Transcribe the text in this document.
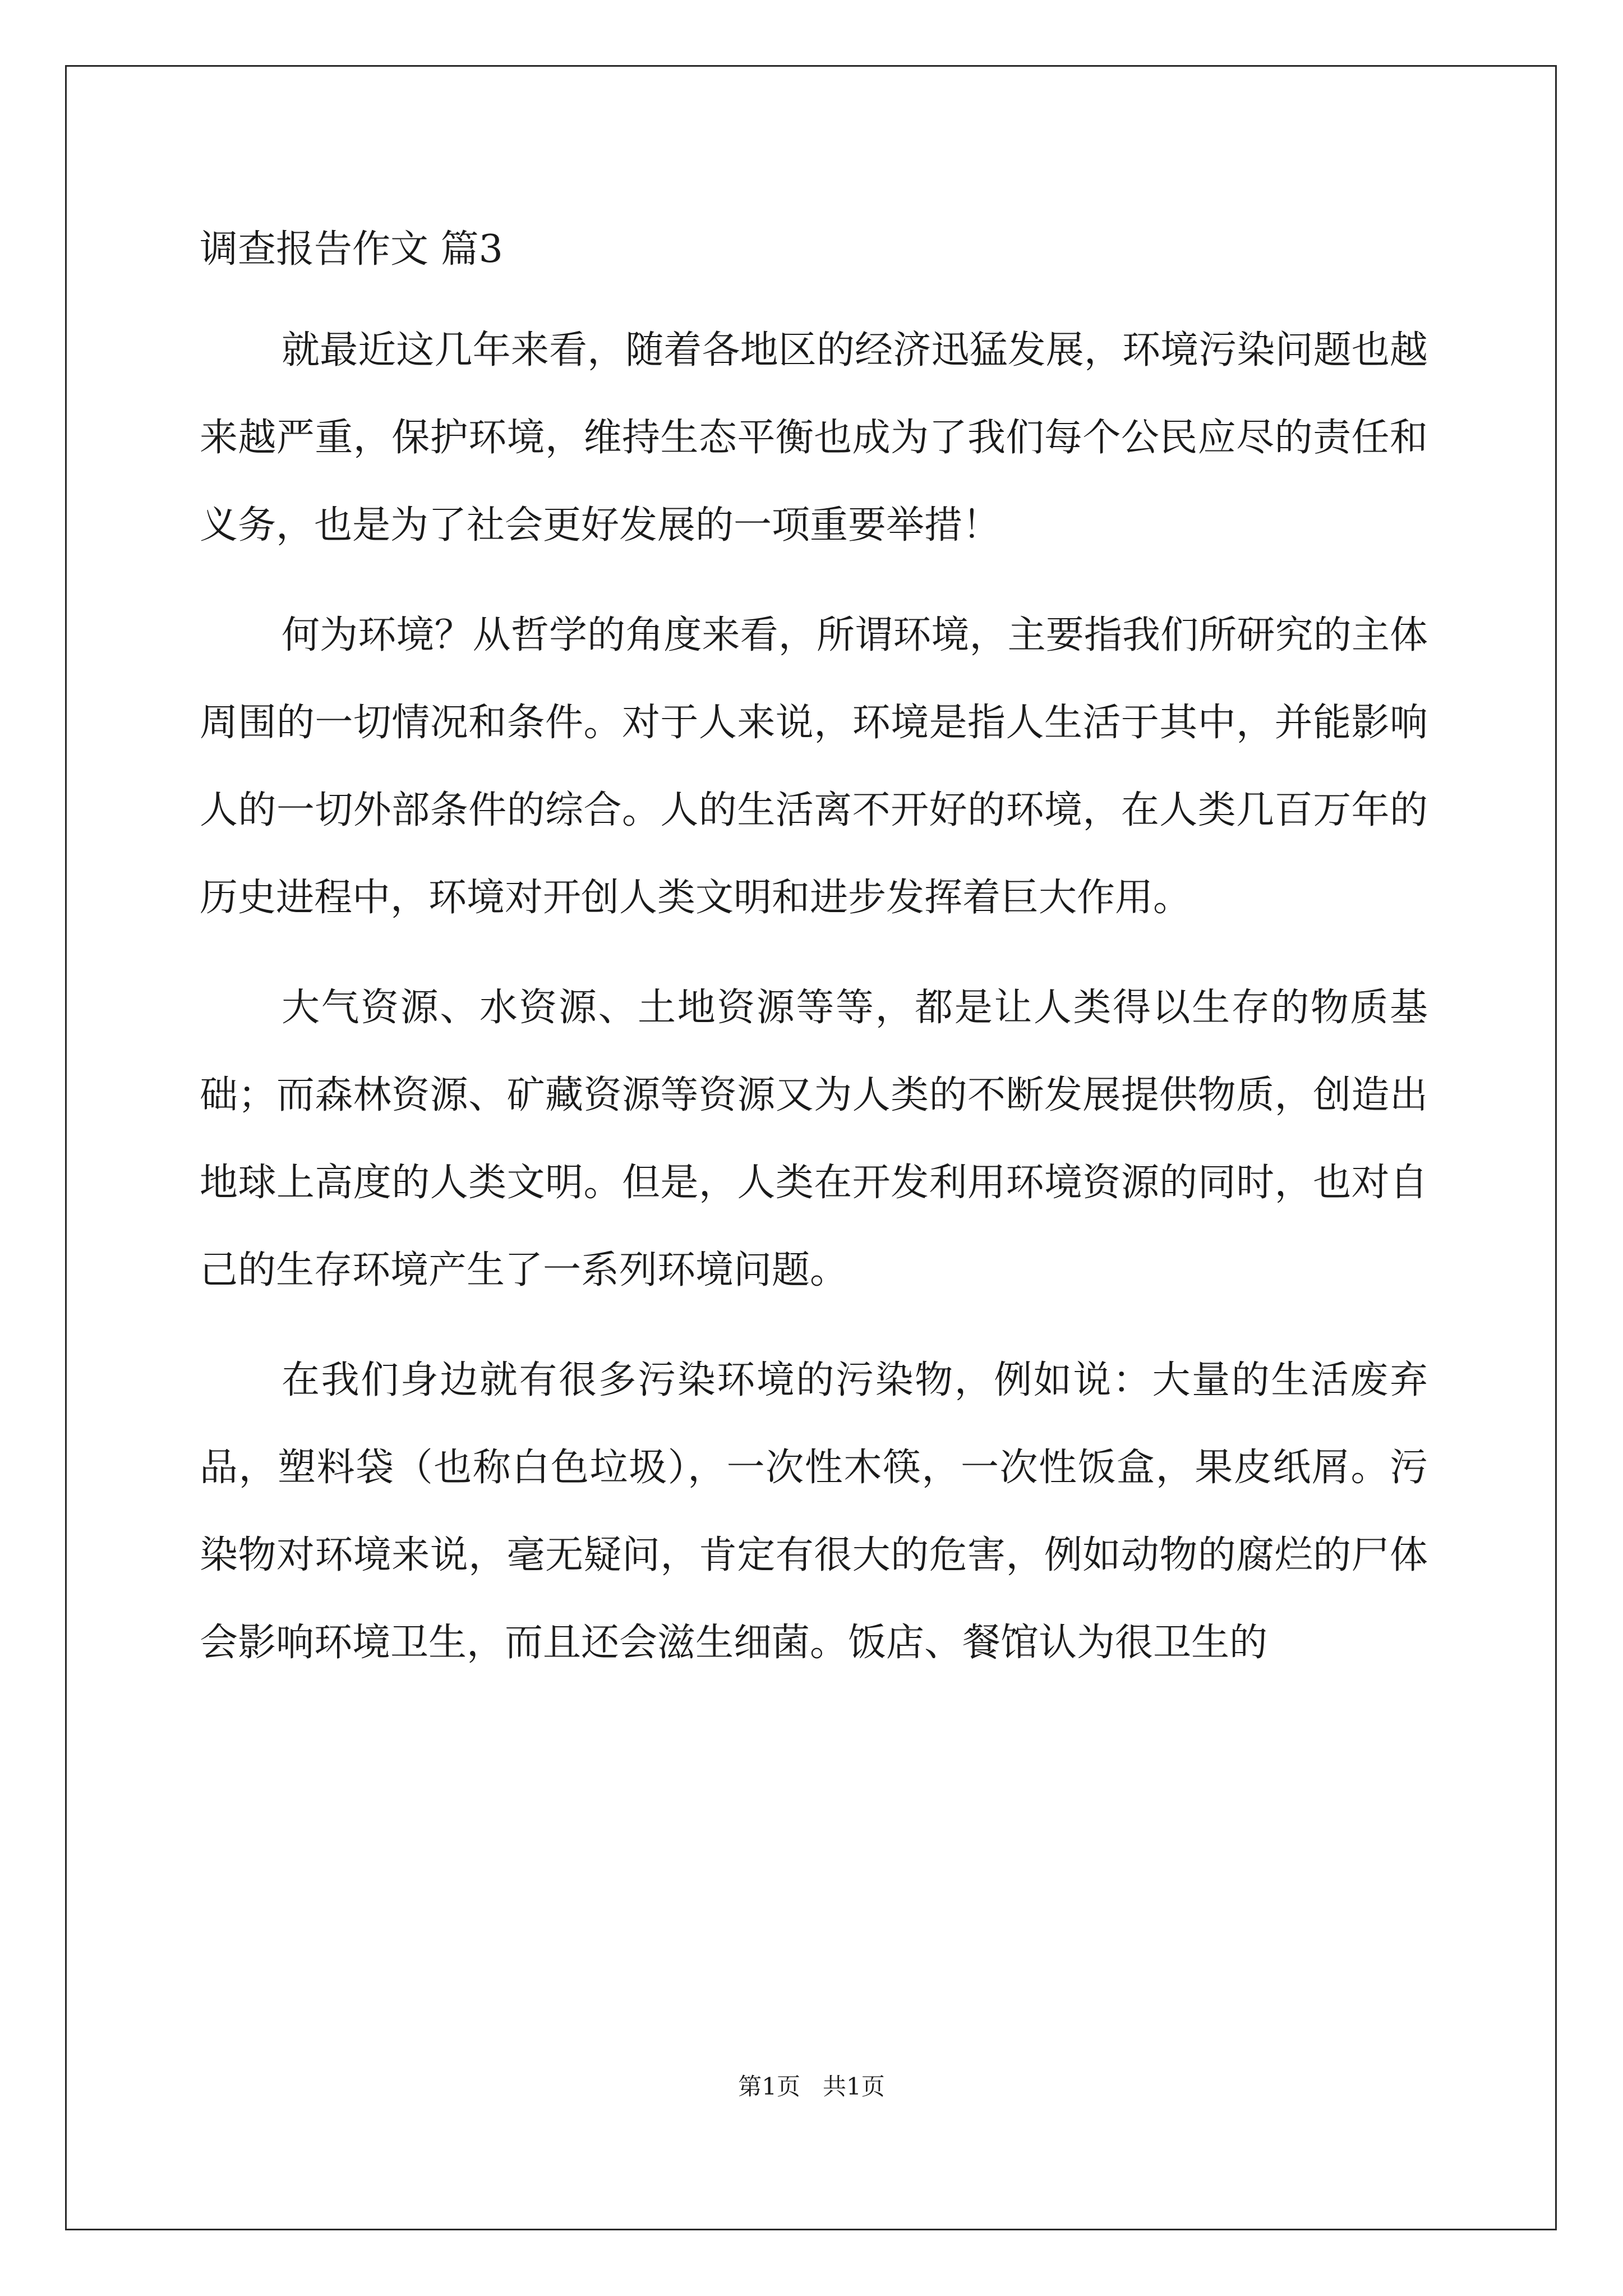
调查报告作文 篇3

就最近这几年来看，随着各地区的经济迅猛发展，环境污染问题也越来越严重，保护环境，维持生态平衡也成为了我们每个公民应尽的责任和义务，也是为了社会更好发展的一项重要举措！

何为环境？从哲学的角度来看，所谓环境，主要指我们所研究的主体周围的一切情况和条件。对于人来说，环境是指人生活于其中，并能影响人的一切外部条件的综合。人的生活离不开好的环境，在人类几百万年的历史进程中，环境对开创人类文明和进步发挥着巨大作用。

大气资源、水资源、土地资源等等，都是让人类得以生存的物质基础；而森林资源、矿藏资源等资源又为人类的不断发展提供物质，创造出地球上高度的人类文明。但是，人类在开发利用环境资源的同时，也对自己的生存环境产生了一系列环境问题。

在我们身边就有很多污染环境的污染物，例如说：大量的生活废弃品，塑料袋（也称白色垃圾），一次性木筷，一次性饭盒，果皮纸屑。污染物对环境来说，毫无疑问，肯定有很大的危害，例如动物的腐烂的尸体会影响环境卫生，而且还会滋生细菌。饭店、餐馆认为很卫生的

第1页   共1页
